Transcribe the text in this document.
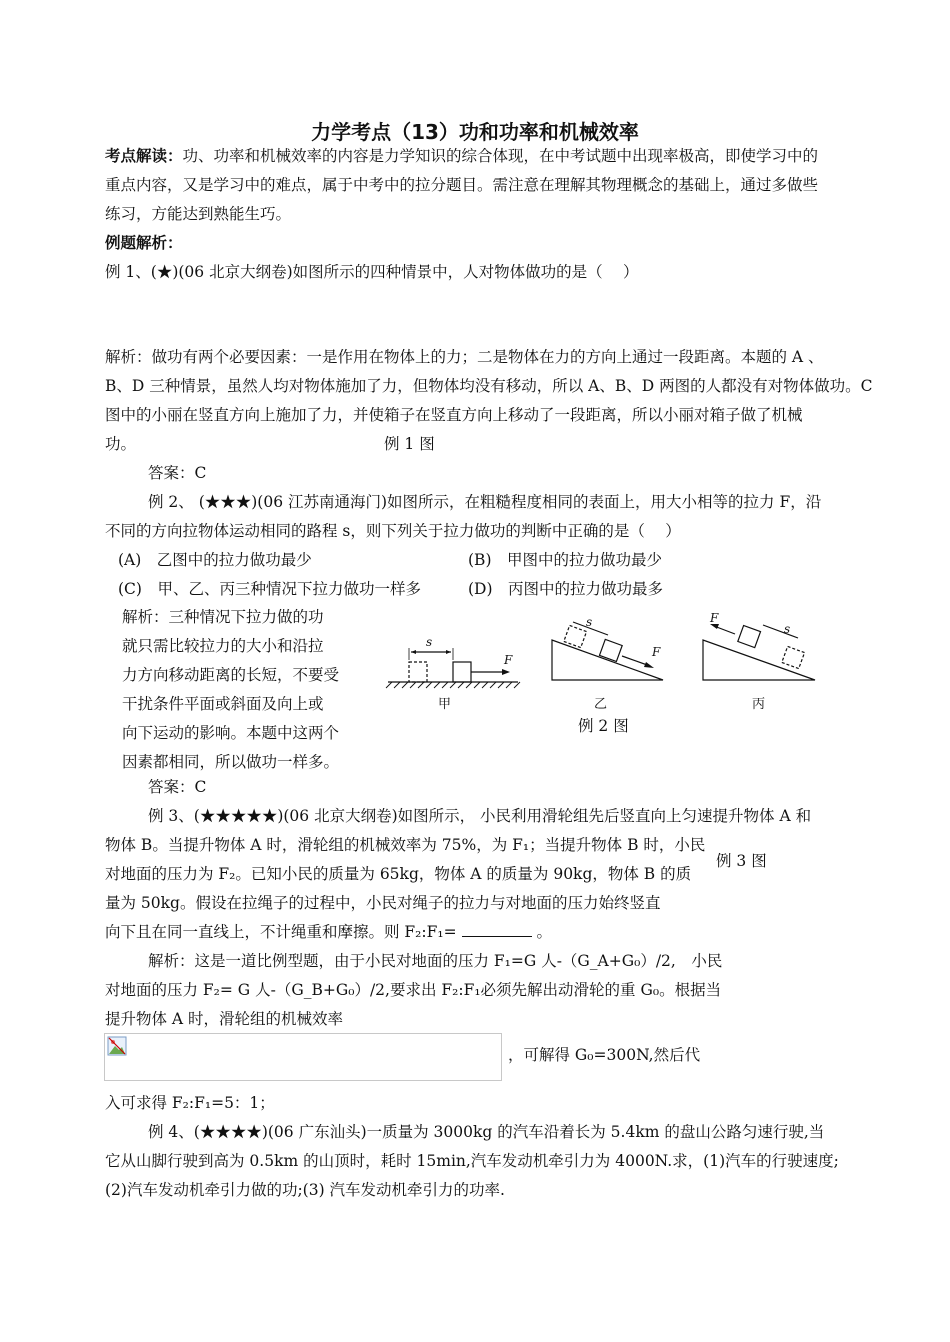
力学考点（13）功和功率和机械效率
考点解读：功、功率和机械效率的内容是力学知识的综合体现，在中考试题中出现率极高，即使学习中的
重点内容，又是学习中的难点，属于中考中的拉分题目。需注意在理解其物理概念的基础上，通过多做些
练习，方能达到熟能生巧。
例题解析：
例 1、(★)(06 北京大纲卷)如图所示的四种情景中，人对物体做功的是（　 ）
解析：做功有两个必要因素：一是作用在物体上的力；二是物体在力的方向上通过一段距离。本题的 A 、
B、D 三种情景，虽然人均对物体施加了力，但物体均没有移动，所以 A、B、D 两图的人都没有对物体做功。C
图中的小丽在竖直方向上施加了力，并使箱子在竖直方向上移动了一段距离，所以小丽对箱子做了机械
功。	例 1 图
答案：C
例 2、 (★★★)(06 江苏南通海门)如图所示，在粗糙程度相同的表面上，用大小相等的拉力 F，沿
不同的方向拉物体运动相同的路程 s，则下列关于拉力做功的判断中正确的是（　 ）
(A)　乙图中的拉力做功最少	(B)　甲图中的拉力做功最少
(C)　甲、乙、丙三种情况下拉力做功一样多	(D)　丙图中的拉力做功最多
解析：三种情况下拉力做的功
就只需比较拉力的大小和沿拉
力方向移动距离的长短，不要受
干扰条件平面或斜面及向上或
向下运动的影响。本题中这两个
因素都相同，所以做功一样多。
s
F
s
F
s
F
甲	乙	丙
例 2 图
答案：C
例 3、(★★★★★)(06 北京大纲卷)如图所示， 小民利用滑轮组先后竖直向上匀速提升物体 A 和
物体 B。当提升物体 A 时，滑轮组的机械效率为 75%，为 F₁；当提升物体 B 时，小民
例 3 图
对地面的压力为 F₂。已知小民的质量为 65kg，物体 A 的质量为 90kg，物体 B 的质
量为 50kg。假设在拉绳子的过程中，小民对绳子的拉力与对地面的压力始终竖直
向下且在同一直线上，不计绳重和摩擦。则 F₂:F₁=	。
解析：这是一道比例型题，由于小民对地面的压力 F₁=G 人-（G_A+G₀）/2,　小民
对地面的压力 F₂= G 人-（G_B+G₀）/2,要求出 F₂:F₁必须先解出动滑轮的重 G₀。根据当
提升物体 A 时，滑轮组的机械效率
，可解得 G₀=300N,然后代
入可求得 F₂:F₁=5：1；
例 4、(★★★★)(06 广东汕头)一质量为 3000kg 的汽车沿着长为 5.4km 的盘山公路匀速行驶,当
它从山脚行驶到高为 0.5km 的山顶时，耗时 15min,汽车发动机牵引力为 4000N.求，(1)汽车的行驶速度;
(2)汽车发动机牵引力做的功;(3) 汽车发动机牵引力的功率.
